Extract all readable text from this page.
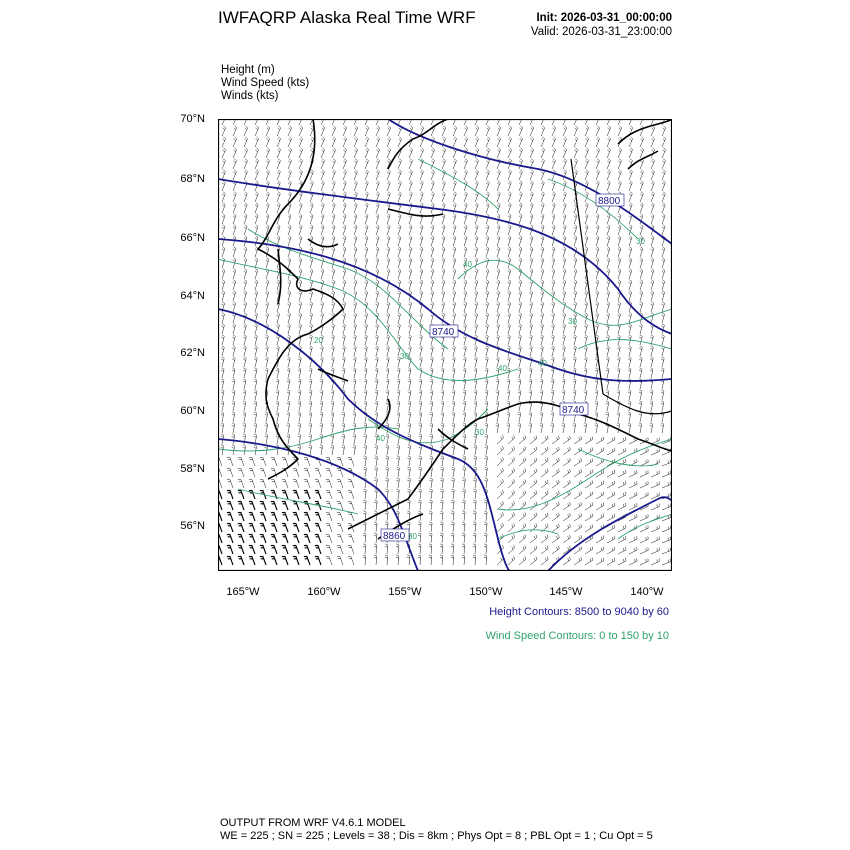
IWFAQRP Alaska Real Time WRF	Init: 2026-03-31_00:00:00
Valid: 2026-03-31_23:00:00
Height (m)
Wind Speed (kts)
Winds (kts)
70°N
68°N
66°N
64°N
62°N
60°N
58°N
56°N
165°W	160°W	155°W	150°W	145°W	140°W
8800
8740
8740
8860
40
30
30
20
40
40
40
30
30
30
Height Contours: 8500 to 9040 by 60
Wind Speed Contours: 0 to 150 by 10
OUTPUT FROM WRF V4.6.1 MODEL
WE = 225 ; SN = 225 ; Levels = 38 ; Dis = 8km ; Phys Opt = 8 ; PBL Opt = 1 ; Cu Opt = 5
